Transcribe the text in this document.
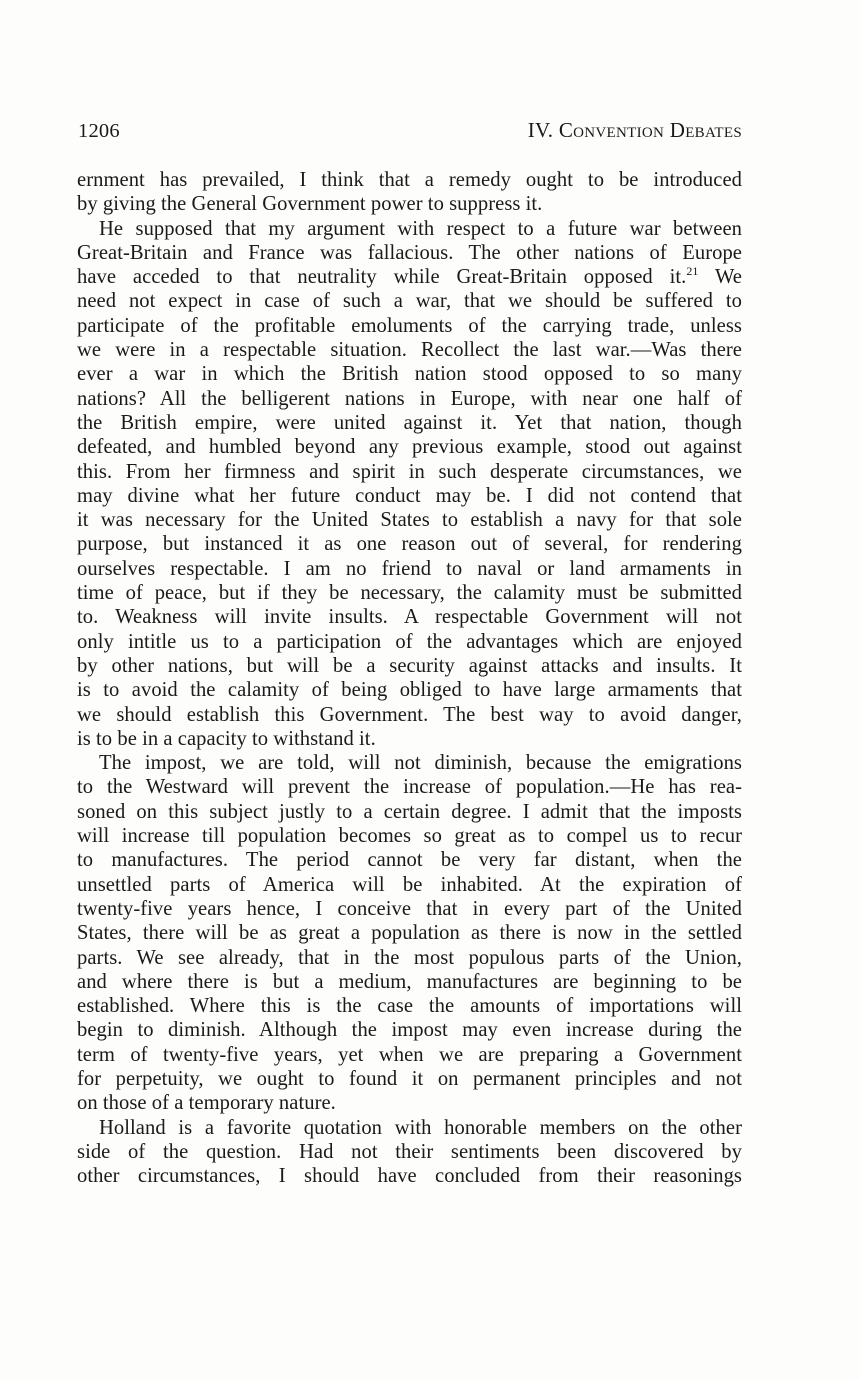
1206	IV. Convention Debates
ernment has prevailed, I think that a remedy ought to be introduced
by giving the General Government power to suppress it.
He supposed that my argument with respect to a future war between
Great-Britain and France was fallacious. The other nations of Europe
have acceded to that neutrality while Great-Britain opposed it.$^{21}$ We
need not expect in case of such a war, that we should be suffered to
participate of the profitable emoluments of the carrying trade, unless
we were in a respectable situation. Recollect the last war.—Was there
ever a war in which the British nation stood opposed to so many
nations? All the belligerent nations in Europe, with near one half of
the British empire, were united against it. Yet that nation, though
defeated, and humbled beyond any previous example, stood out against
this. From her firmness and spirit in such desperate circumstances, we
may divine what her future conduct may be. I did not contend that
it was necessary for the United States to establish a navy for that sole
purpose, but instanced it as one reason out of several, for rendering
ourselves respectable. I am no friend to naval or land armaments in
time of peace, but if they be necessary, the calamity must be submitted
to. Weakness will invite insults. A respectable Government will not
only intitle us to a participation of the advantages which are enjoyed
by other nations, but will be a security against attacks and insults. It
is to avoid the calamity of being obliged to have large armaments that
we should establish this Government. The best way to avoid danger,
is to be in a capacity to withstand it.
The impost, we are told, will not diminish, because the emigrations
to the Westward will prevent the increase of population.—He has rea-
soned on this subject justly to a certain degree. I admit that the imposts
will increase till population becomes so great as to compel us to recur
to manufactures. The period cannot be very far distant, when the
unsettled parts of America will be inhabited. At the expiration of
twenty-five years hence, I conceive that in every part of the United
States, there will be as great a population as there is now in the settled
parts. We see already, that in the most populous parts of the Union,
and where there is but a medium, manufactures are beginning to be
established. Where this is the case the amounts of importations will
begin to diminish. Although the impost may even increase during the
term of twenty-five years, yet when we are preparing a Government
for perpetuity, we ought to found it on permanent principles and not
on those of a temporary nature.
Holland is a favorite quotation with honorable members on the other
side of the question. Had not their sentiments been discovered by
other circumstances, I should have concluded from their reasonings
